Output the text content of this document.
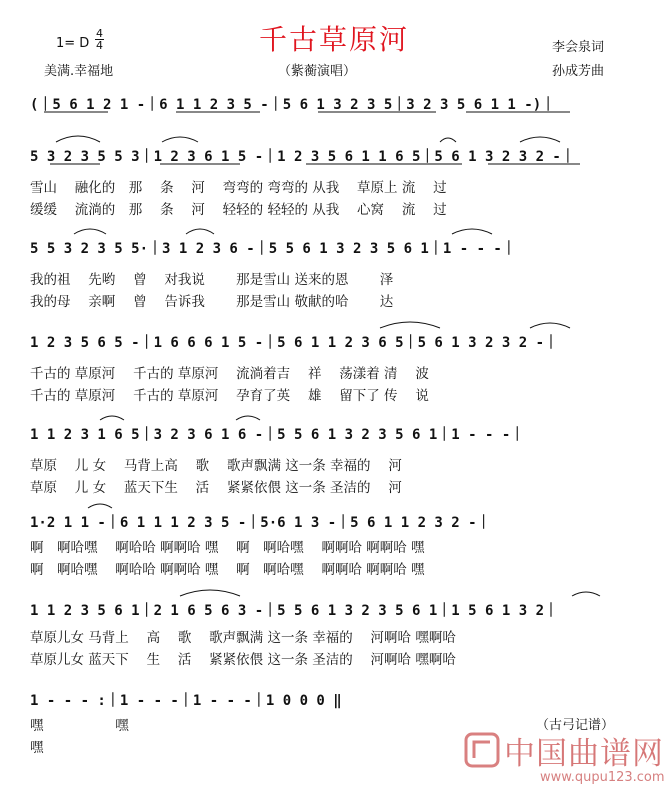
千古草原河
1= D
4
4
美满.幸福地	（紫蘅演唱）
李会泉词
孙成芳曲
(｜5 6 1 2 1 -｜6 1 1 2 3 5 -｜5 6 1 3 2 3 5｜3 2 3 5 6 1 1 -)｜
5 3 2 3 5 5 3｜1 2 3 6 1 5 -｜1 2 3 5 6 1 1 6 5｜5 6 1 3 2 3 2 -｜
雪山　 融化的　那　 条　 河　 弯弯的 弯弯的 从我　 草原上 流　 过
缓缓　 流淌的　那　 条　 河　 轻轻的 轻轻的 从我　 心窝　 流　 过
5 5 3 2 3 5 5·｜3 1 2 3 6 -｜5 5 6 1 3 2 3 5 6 1｜1 - - -｜
我的祖　 先哟　 曾　 对我说　　 那是雪山 送来的恩　　 泽
我的母　 亲啊　 曾　 告诉我　　 那是雪山 敬献的哈　　 达
1 2 3 5 6 5 -｜1 6 6 6 1 5 -｜5 6 1 1 2 3 6 5｜5 6 1 3 2 3 2 -｜
千古的 草原河　 千古的 草原河　 流淌着吉　 祥　 荡漾着 清　 波
千古的 草原河　 千古的 草原河　 孕育了英　 雄　 留下了 传　 说
1 1 2 3 1 6 5｜3 2 3 6 1 6 -｜5 5 6 1 3 2 3 5 6 1｜1 - - -｜
草原　 儿 女　 马背上高　 歌　 歌声飘满 这一条 幸福的　 河
草原　 儿 女　 蓝天下生　 活　 紧紧依偎 这一条 圣洁的　 河
1·2 1 1 -｜6 1 1 1 2 3 5 -｜5·6 1 3 -｜5 6 1 1 2 3 2 -｜
啊　啊哈嘿　 啊哈哈 啊啊哈 嘿　 啊　啊哈嘿　 啊啊哈 啊啊哈 嘿
啊　啊哈嘿　 啊哈哈 啊啊哈 嘿　 啊　啊哈嘿　 啊啊哈 啊啊哈 嘿
1 1 2 3 5 6 1｜2 1 6 5 6 3 -｜5 5 6 1 3 2 3 5 6 1｜1 5 6 1 3 2｜
草原儿女 马背上　 高　 歌　 歌声飘满 这一条 幸福的　 河啊哈 嘿啊哈
草原儿女 蓝天下　 生　 活　 紧紧依偎 这一条 圣洁的　 河啊哈 嘿啊哈
1 - - - :｜1 - - -｜1 - - -｜1 0 0 0 ‖
嘿　　　　　 嘿
嘿
（古弓记谱）
中国曲谱网
www.qupu123.com
